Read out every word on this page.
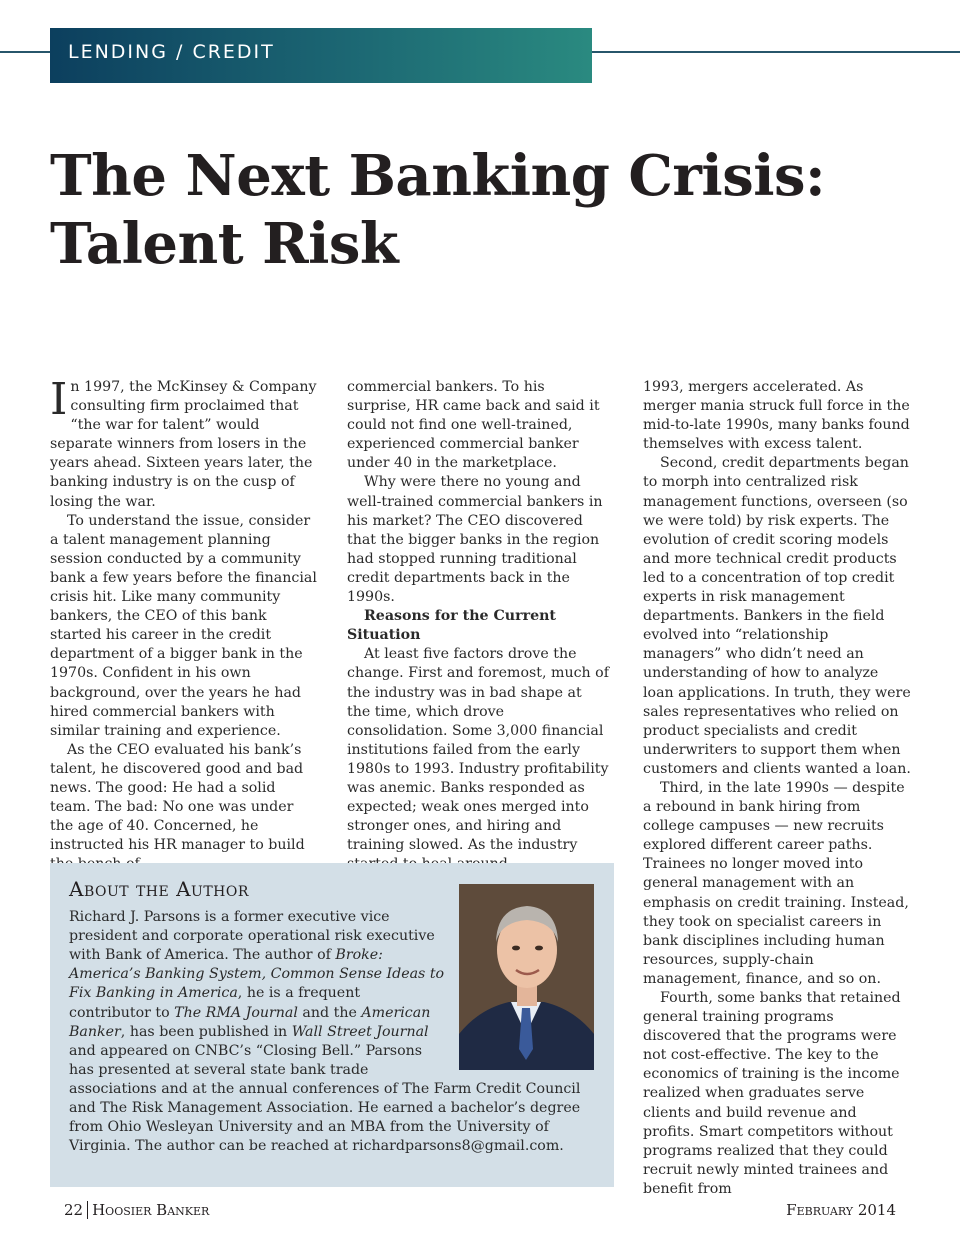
LENDING / CREDIT
The Next Banking Crisis:
Talent Risk

In 1997, the McKinsey & Company consulting firm proclaimed that “the war for talent” would separate winners from losers in the years ahead. Sixteen years later, the banking industry is on the cusp of losing the war.

To understand the issue, consider a talent management planning session conducted by a community bank a few years before the financial crisis hit. Like many community bankers, the CEO of this bank started his career in the credit department of a bigger bank in the 1970s. Confident in his own background, over the years he had hired commercial bankers with similar training and experience.

As the CEO evaluated his bank’s talent, he discovered good and bad news. The good: He had a solid team. The bad: No one was under the age of 40. Concerned, he instructed his HR manager to build

commercial bankers. To his surprise, HR came back and said it could not find one well-trained, experienced commercial banker under 40 in the marketplace.

Why were there no young and well-trained commercial bankers in his market? The CEO discovered that the bigger banks in the region had stopped running traditional credit departments back in the 1990s.

Reasons for the Current Situation

At least five factors drove the change. First and foremost, much of the industry was in bad shape at the time, which drove consolidation. Some 3,000 financial institutions failed from the early 1980s to 1993. Industry profitability was anemic. Banks responded as expected; weak ones merged into stronger ones, and hiring and training slowed. As the industry

1993, mergers accelerated. As merger mania struck full force in the mid-to-late 1990s, many banks found themselves with excess talent.

Second, credit departments began to morph into centralized risk management functions, overseen (so we were told) by risk experts. The evolution of credit scoring models and more technical credit products led to a concentration of top credit experts in risk management departments. Bankers in the field evolved into “relationship managers” who didn’t need an understanding of how to analyze loan applications. In truth, they were sales representatives who relied on product specialists and credit underwriters to support them when customers and clients wanted a loan.

Third, in the late 1990s — despite a rebound in bank hiring from college campuses — new recruits explored different career paths. Trainees no longer moved into general management with an emphasis on credit training. Instead, they took on specialist careers in bank disciplines including human resources, supply-chain management, finance, and so on.

Fourth, some banks that retained general training programs discovered that the programs were not cost-effective. The key to the economics of training is the income realized when graduates serve clients and build revenue and profits. Smart competitors without programs realized that they could recruit newly minted trainees and benefit from

About the Author

Richard J. Parsons is a former executive vice president and corporate operational risk executive with Bank of America. The author of Broke: America’s Banking System, Common Sense Ideas to Fix Banking in America, he is a frequent contributor to The RMA Journal and the American Banker, has been published in Wall Street Journal and appeared on CNBC’s “Closing Bell.” Parsons has presented at several state bank trade associations and at the annual conferences of The Farm Credit Council and The Risk Management Association. He earned a bachelor’s degree from Ohio Wesleyan University and an MBA from the University of Virginia. The author can be reached at richardparsons8@gmail.com.

22 Hoosier Banker	February 2014
